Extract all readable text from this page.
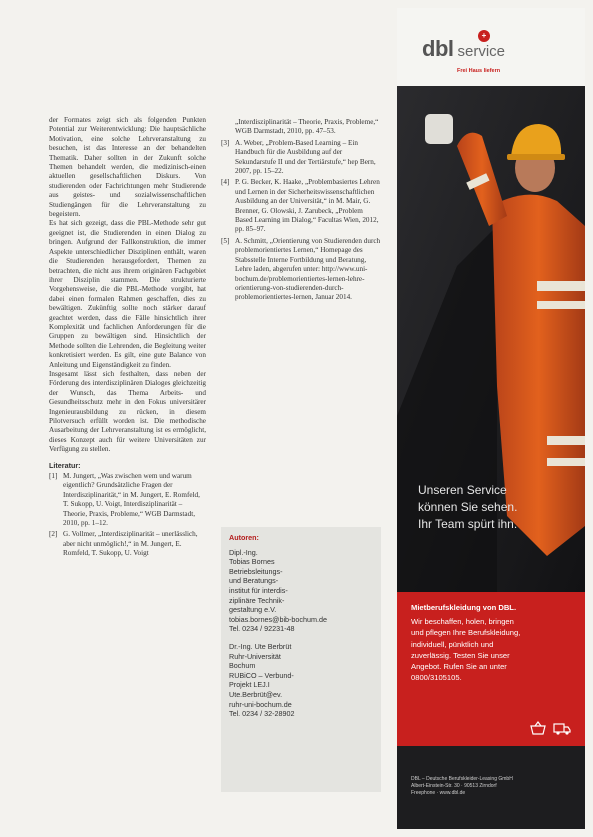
der Formates zeigt sich als folgenden Punkten Potential zur Weiterentwicklung: Die hauptsächliche Motivation, eine solche Lehrveranstaltung zu besuchen, ist das Interesse an der behandelten Thematik. Daher sollten in der Zukunft solche Themen behandelt werden, die medizinisch-einen aktuellen gesellschaftlichen Diskurs. Von studierenden oder Fachrichtungen mehr Studierende aus geistes- und sozialwissenschaftlichen Studiengängen für die Lehrveranstaltung zu begeistern.

Es hat sich gezeigt, dass die PBL-Methode sehr gut geeignet ist, die Studierenden in einen Dialog zu bringen. Aufgrund der Fallkonstruktion, die immer Aspekte unterschiedlicher Disziplinen enthält, waren die Studierenden herausgefordert, Themen zu betrachten, die nicht aus ihrem originären Fachgebiet ihrer Disziplin stammen. Die strukturierte Vorgehensweise, die die PBL-Methode vorgibt, hat dabei einen formalen Rahmen geschaffen, dies zu bewältigen. Zukünftig sollte noch stärker darauf geachtet werden, dass die Fälle hinsichtlich ihrer Komplexität und fachlichen Anforderungen für die Gruppen zu bewältigen sind. Hinsichtlich der Methode sollten die Lehrenden, die Begleitung weiter konkretisiert werden. Es gilt, eine gute Balance von Anleitung und Eigenständigkeit zu finden.

Insgesamt lässt sich festhalten, dass neben der Förderung des interdisziplinären Dialoges gleichzeitig der Wunsch, das Thema Arbeits- und Gesundheitsschutz mehr in den Fokus universitärer Ingenieurausbildung zu rücken, in diesem Pilotversuch erfüllt worden ist. Die methodische Ausarbeitung der Lehrveranstaltung ist es ermöglicht, dieses Konzept auch für weitere Universitäten zur Verfügung zu stellen.

Literatur:
[1] M. Jungert, „Was zwischen wem und warum eigentlich? Grundsätzliche Fragen der Interdisziplinarität,“ in M. Jungert, E. Romfeld, T. Sukopp, U. Voigt, Interdisziplinarität – Theorie, Praxis, Probleme,“ WGB Darmstadt, 2010, pp. 1–12.
[2] G. Vollmer, „Interdisziplinarität – unerlässlich, aber nicht unmöglich!,“ in M. Jungert, E. Romfeld, T. Sukopp, U. Voigt
„Interdisziplinarität – Theorie, Praxis, Probleme,“ WGB Darmstadt, 2010, pp. 47–53.
[3] A. Weber, „Problem-Based Learning – Ein Handbuch für die Ausbildung auf der Sekundarstufe II und der Tertiärstufe,“ hep Bern, 2007, pp. 15–22.
[4] P. G. Becker, K. Haake, „Problembasiertes Lehren und Lernen in der Sicherheitswissenschaftlichen Ausbildung an der Universität,“ in M. Mair, G. Brenner, G. Olowski, J. Zarubeck, „Problem Based Learning im Dialog,“ Facultas Wien, 2012, pp. 85–97.
[5] A. Schmitt, „Orientierung von Studierenden durch problemorientiertes Lernen,“ Homepage des Stabsstelle Interne Fortbildung und Beratung, Lehre laden, abgerufen unter: http://www.uni-bochum.de/problemorientiertes-lernen-lehre-orientierung-von-studierenden-durch-problemorientiertes-lernen, Januar 2014.
Autoren:
Dipl.-Ing.
Tobias Bornes
Betriebsleitungs-
und Beratungs-
institut für interdis-
ziplinäre Technik-
gestaltung e.V.
tobias.bornes@bib-bochum.de
Tel. 0234 / 92231-48
Dr.-Ing. Ute Berbrüt
Ruhr-Universität
Bochum
RUBiCO – Verbund-
Projekt LEJ.I
Ute.Berbrüt@ev.
ruhr-uni-bochum.de
Tel. 0234 / 32-28902
dbl
+
service
Frei Haus liefern
Unseren Service
können Sie sehen.
Ihr Team spürt ihn.
Mietberufskleidung von DBL.
Wir beschaffen, holen, bringen
und pflegen Ihre Berufskleidung,
individuell, pünktlich und
zuverlässig. Testen Sie unser
Angebot. Rufen Sie an unter
0800/3105105.
DBL – Deutsche Berufskleider-Leasing GmbH
Albert-Einstein-Str. 30 · 90513 Zirndorf
Freephone · www.dbl.de
